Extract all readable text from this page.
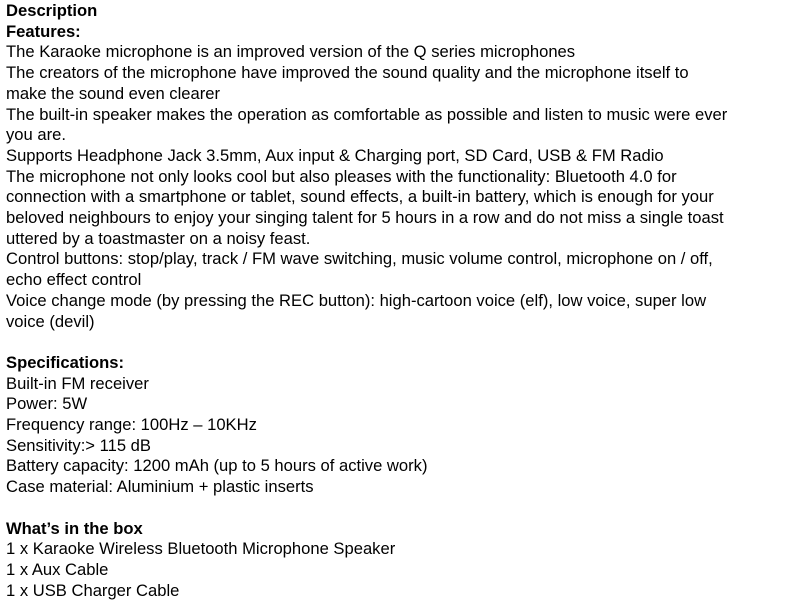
Description
Features:
The Karaoke microphone is an improved version of the Q series microphones
The creators of the microphone have improved the sound quality and the microphone itself to
make the sound even clearer
The built-in speaker makes the operation as comfortable as possible and listen to music were ever
you are.
Supports Headphone Jack 3.5mm, Aux input & Charging port, SD Card, USB & FM Radio
The microphone not only looks cool but also pleases with the functionality: Bluetooth 4.0 for
connection with a smartphone or tablet, sound effects, a built-in battery, which is enough for your
beloved neighbours to enjoy your singing talent for 5 hours in a row and do not miss a single toast
uttered by a toastmaster on a noisy feast.
Control buttons: stop/play, track / FM wave switching, music volume control, microphone on / off,
echo effect control
Voice change mode (by pressing the REC button): high-cartoon voice (elf), low voice, super low
voice (devil)
Specifications:
Built-in FM receiver
Power: 5W
Frequency range: 100Hz – 10KHz
Sensitivity:> 115 dB
Battery capacity: 1200 mAh (up to 5 hours of active work)
Case material: Aluminium + plastic inserts
What’s in the box
1 x Karaoke Wireless Bluetooth Microphone Speaker
1 x Aux Cable
1 x USB Charger Cable
